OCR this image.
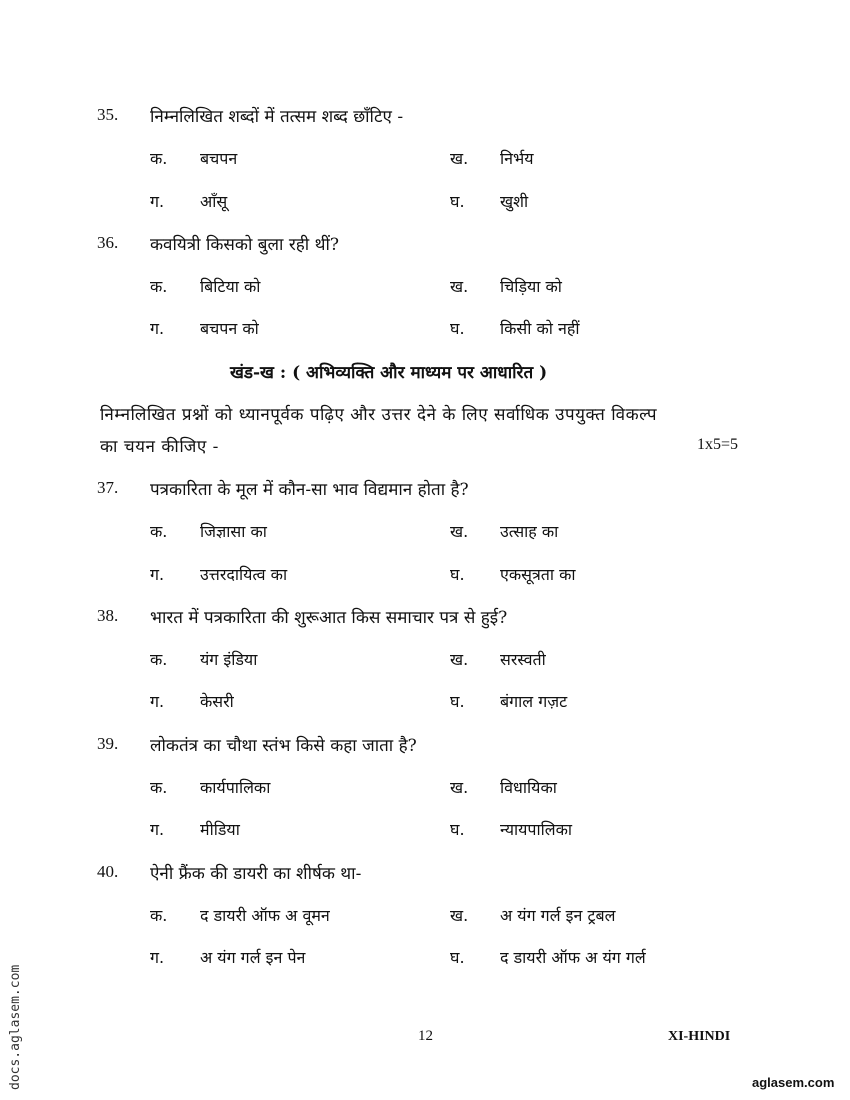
35. निम्नलिखित शब्दों में तत्सम शब्द छाँटिए -
क. बचपन	ख. निर्भय
ग. आँसू	घ. खुशी
36. कवयित्री किसको बुला रही थीं?
क. बिटिया को	ख. चिड़िया को
ग. बचपन को	घ. किसी को नहीं
खंड-ख : ( अभिव्यक्ति और माध्यम पर आधारित )
निम्नलिखित प्रश्नों को ध्यानपूर्वक पढ़िए और उत्तर देने के लिए सर्वाधिक उपयुक्त विकल्प
का चयन कीजिए -	1x5=5
37. पत्रकारिता के मूल में कौन-सा भाव विद्यमान होता है?
क. जिज्ञासा का	ख. उत्साह का
ग. उत्तरदायित्व का	घ. एकसूत्रता का
38. भारत में पत्रकारिता की शुरूआत किस समाचार पत्र से हुई?
क. यंग इंडिया	ख. सरस्वती
ग. केसरी	घ. बंगाल गज़ट
39. लोकतंत्र का चौथा स्तंभ किसे कहा जाता है?
क. कार्यपालिका	ख. विधायिका
ग. मीडिया	घ. न्यायपालिका
40. ऐनी फ्रैंक की डायरी का शीर्षक था-
क. द डायरी ऑफ अ वूमन	ख. अ यंग गर्ल इन ट्रबल
ग. अ यंग गर्ल इन पेन	घ. द डायरी ऑफ अ यंग गर्ल
12	XI-HINDI
aglasem.com
docs.aglasem.com
